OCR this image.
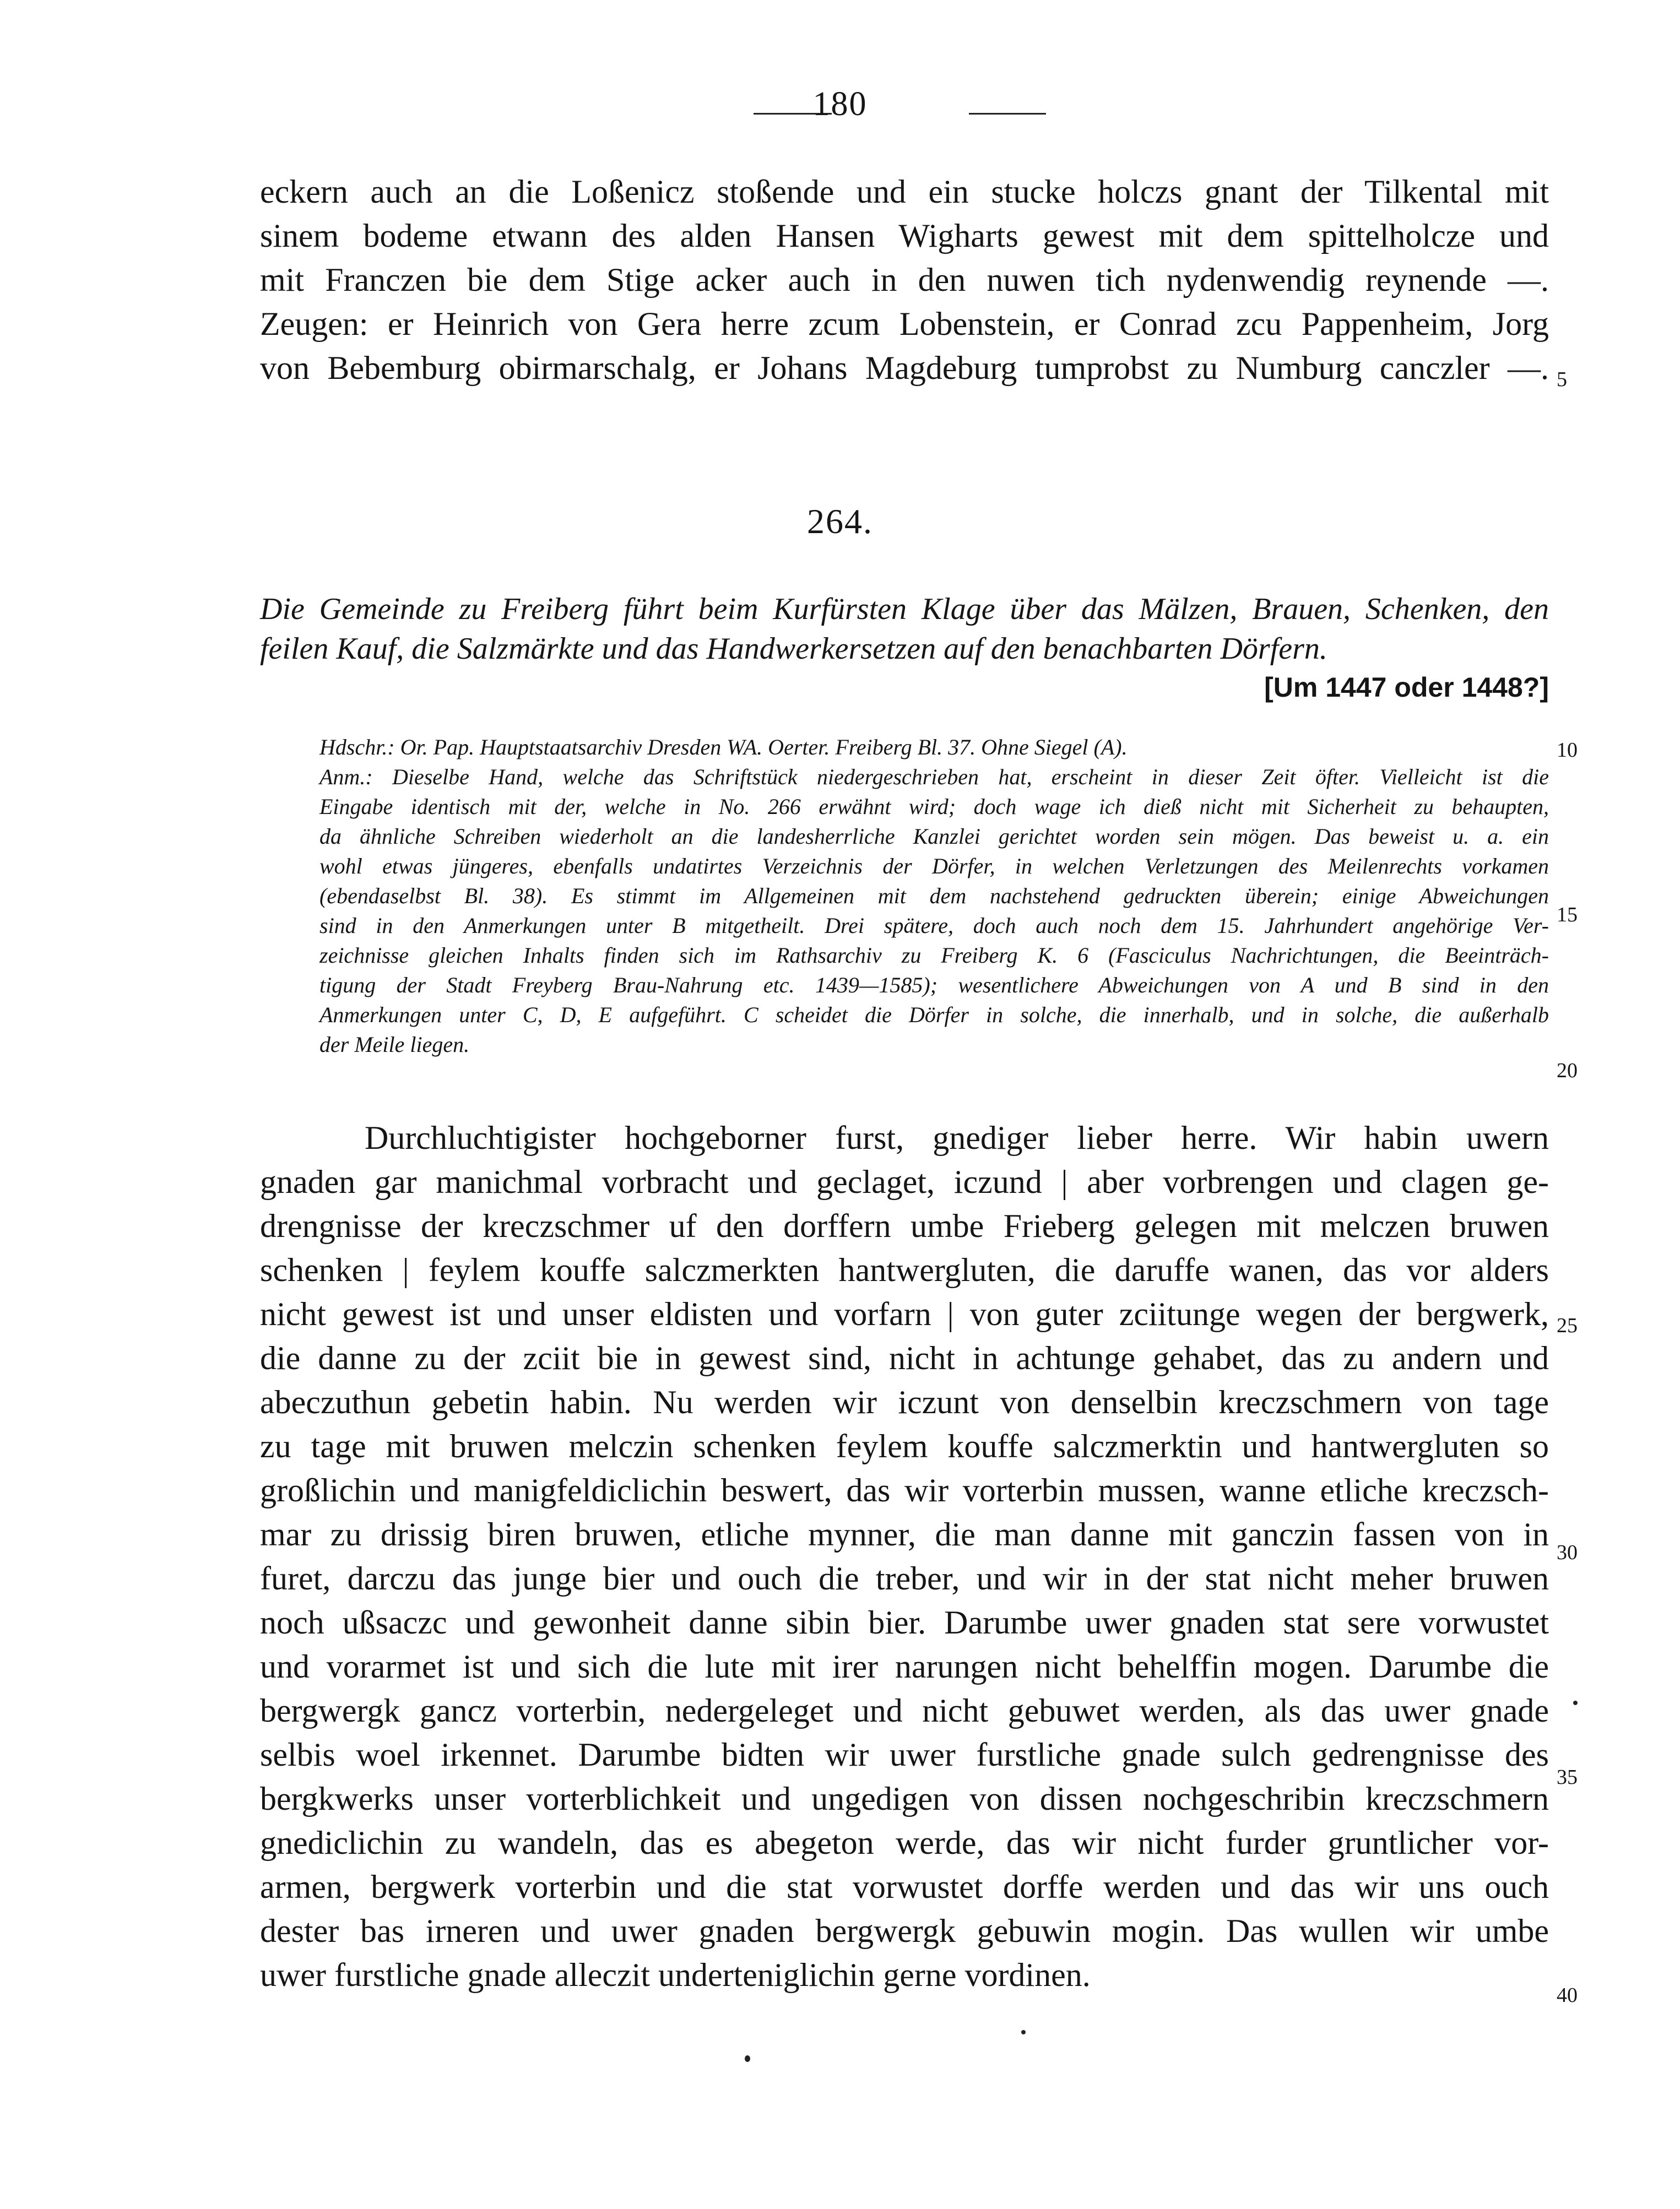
180
eckern auch an die Loßenicz stoßende und ein stucke holczs gnant der Tilkental mit
sinem bodeme etwann des alden Hansen Wigharts gewest mit dem spittelholcze und
mit Franczen bie dem Stige acker auch in den nuwen tich nydenwendig reynende —.
Zeugen: er Heinrich von Gera herre zcum Lobenstein, er Conrad zcu Pappenheim, Jorg
von Bebemburg obirmarschalg, er Johans Magdeburg tumprobst zu Numburg canczler —. 5
264.
Die Gemeinde zu Freiberg führt beim Kurfürsten Klage über das Mälzen, Brauen, Schenken, den
feilen Kauf, die Salzmärkte und das Handwerkersetzen auf den benachbarten Dörfern.
[Um 1447 oder 1448?]
Hdschr.: Or. Pap. Hauptstaatsarchiv Dresden WA. Oerter. Freiberg Bl. 37. Ohne Siegel (A).	10
Anm.: Dieselbe Hand, welche das Schriftstück niedergeschrieben hat, erscheint in dieser Zeit öfter. Vielleicht ist die
Eingabe identisch mit der, welche in No. 266 erwähnt wird; doch wage ich dieß nicht mit Sicherheit zu behaupten,
da ähnliche Schreiben wiederholt an die landesherrliche Kanzlei gerichtet worden sein mögen. Das beweist u. a. ein
wohl etwas jüngeres, ebenfalls undatirtes Verzeichnis der Dörfer, in welchen Verletzungen des Meilenrechts vorkamen
(ebendaselbst Bl. 38). Es stimmt im Allgemeinen mit dem nachstehend gedruckten überein; einige Abweichungen
sind in den Anmerkungen unter B mitgetheilt. Drei spätere, doch auch noch dem 15. Jahrhundert angehörige Ver- 15
zeichnisse gleichen Inhalts finden sich im Rathsarchiv zu Freiberg K. 6 (Fasciculus Nachrichtungen, die Beeinträch-
tigung der Stadt Freyberg Brau-Nahrung etc. 1439—1585); wesentlichere Abweichungen von A und B sind in den
Anmerkungen unter C, D, E aufgeführt. C scheidet die Dörfer in solche, die innerhalb, und in solche, die außerhalb
der Meile liegen.
20
Durchluchtigister hochgeborner furst, gnediger lieber herre. Wir habin uwern
gnaden gar manichmal vorbracht und geclaget, iczund | aber vorbrengen und clagen ge-
drengnisse der kreczschmer uf den dorffern umbe Frieberg gelegen mit melczen bruwen
schenken | feylem kouffe salczmerkten hantwergluten, die daruffe wanen, das vor alders
nicht gewest ist und unser eldisten und vorfarn | von guter zciitunge wegen der bergwerk, 25
die danne zu der zciit bie in gewest sind, nicht in achtunge gehabet, das zu andern und
abeczuthun gebetin habin. Nu werden wir iczunt von denselbin kreczschmern von tage
zu tage mit bruwen melczin schenken feylem kouffe salczmerktin und hantwergluten so
großlichin und manigfeldiclichin beswert, das wir vorterbin mussen, wanne etliche kreczsch-
mar zu drissig biren bruwen, etliche mynner, die man danne mit ganczin fassen von in 30
furet, darczu das junge bier und ouch die treber, und wir in der stat nicht meher bruwen
noch ußsaczc und gewonheit danne sibin bier. Darumbe uwer gnaden stat sere vorwustet
und vorarmet ist und sich die lute mit irer narungen nicht behelffin mogen. Darumbe die
bergwergk gancz vorterbin, nedergeleget und nicht gebuwet werden, als das uwer gnade
selbis woel irkennet. Darumbe bidten wir uwer furstliche gnade sulch gedrengnisse des
35
bergkwerks unser vorterblichkeit und ungedigen von dissen nochgeschribin kreczschmern
gnediclichin zu wandeln, das es abegeton werde, das wir nicht furder gruntlicher vor-
armen, bergwerk vorterbin und die stat vorwustet dorffe werden und das wir uns ouch
dester bas irneren und uwer gnaden bergwergk gebuwin mogin. Das wullen wir umbe
uwer furstliche gnade alleczit underteniglichin gerne vordinen.
40
